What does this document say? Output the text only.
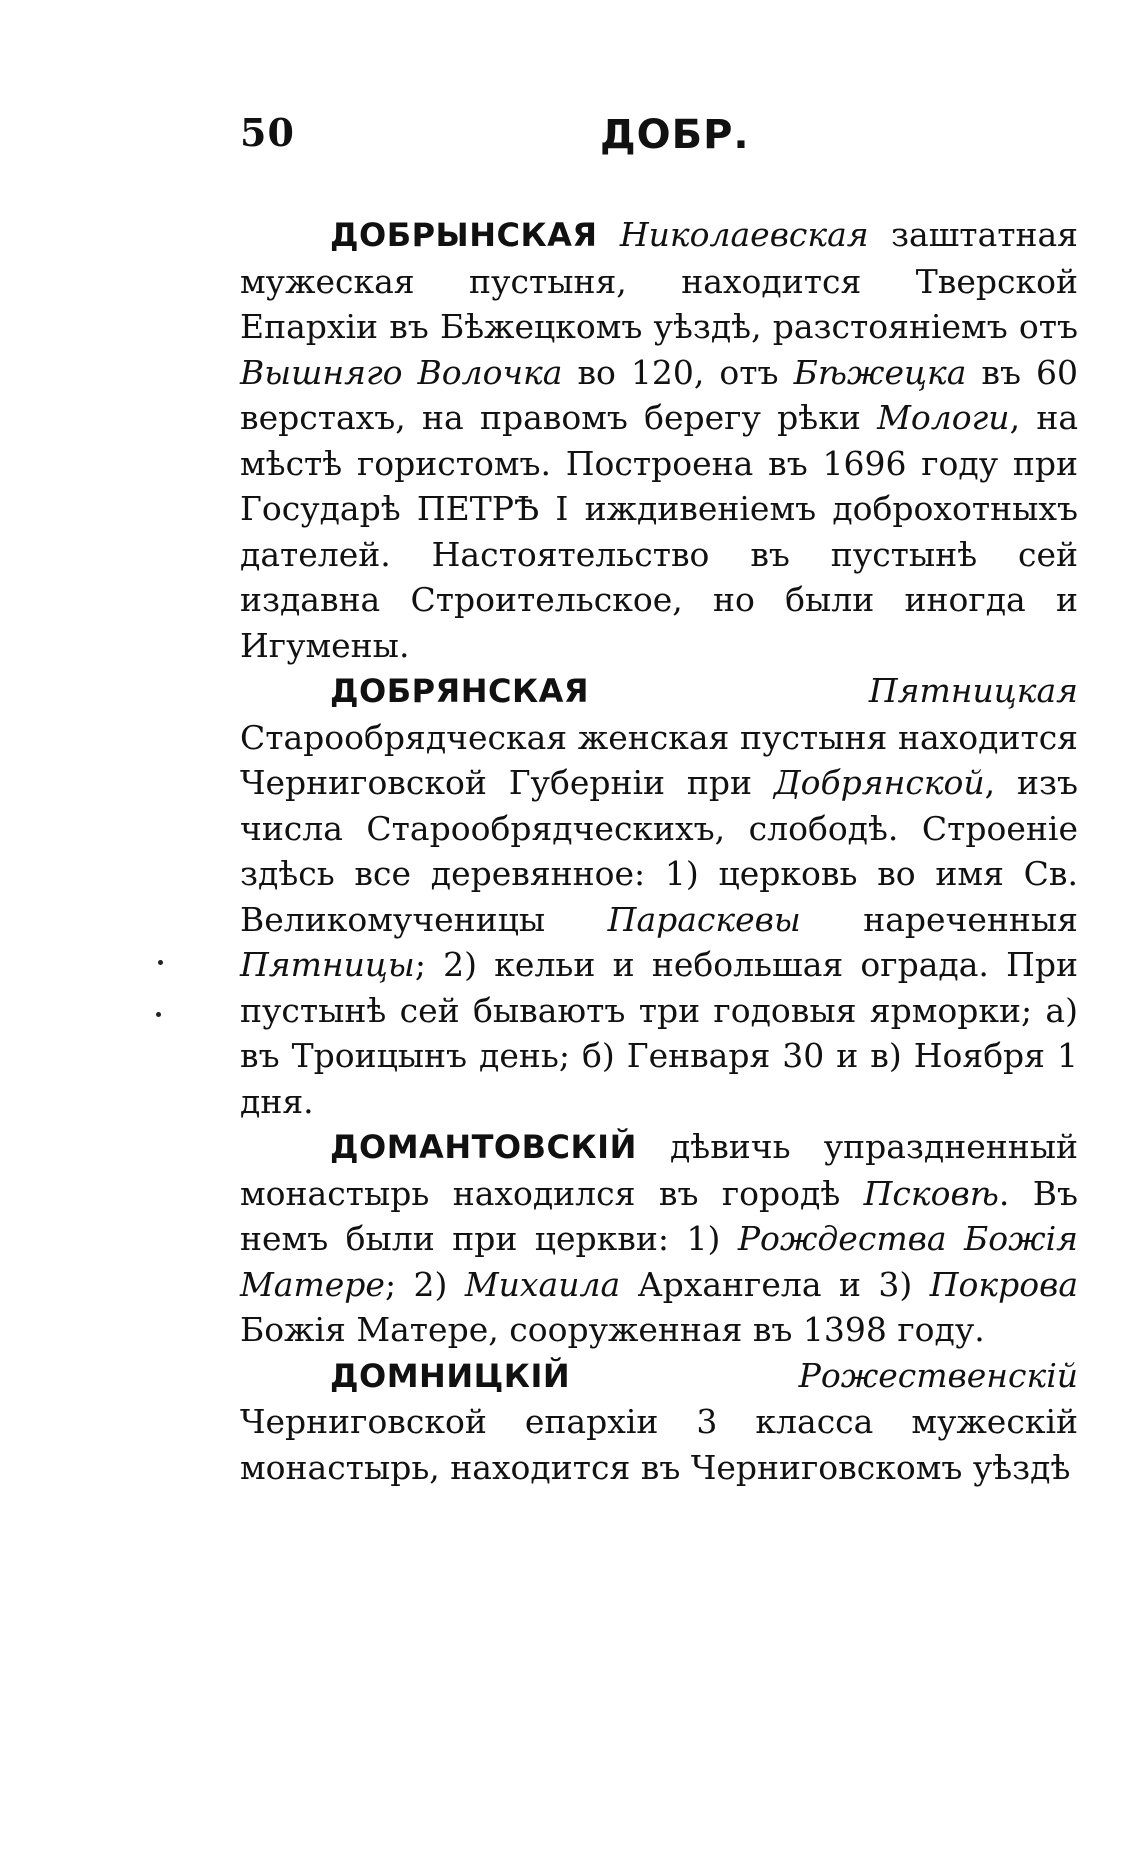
50	ДОБР.

ДОБРЫНСКАЯ Николаевская заштатная мужеская пустыня, находится Тверской Епархіи въ Бѣжецкомъ уѣздѣ, разстояніемъ отъ Вышняго Волочка во 120, отъ Бѣжецка въ 60 верстахъ, на правомъ берегу рѣки Мологи, на мѣстѣ гористомъ. Построена въ 1696 году при Государѣ ПЕТРѢ I иждивеніемъ доброхотныхъ дателей. Настоятельство въ пустынѣ сей издавна Строительское, но были иногда и Игумены.

ДОБРЯНСКАЯ	Пятницкая Старообрядческая женская пустыня находится Черниговской Губерніи при Добрянской, изъ числа Старообрядческихъ, слободѣ. Строеніе здѣсь все деревянное: 1) церковь во имя Св. Великомученицы Параскевы нареченныя Пятницы; 2) кельи и небольшая ограда. При пустынѣ сей бываютъ три годовыя ярморки; а) въ Троицынъ день; б) Генваря 30 и в) Ноября 1 дня.

ДОМАНТОВСКІЙ дѣвичь упраздненный монастырь находился въ городѣ Псковѣ. Въ немъ были при церкви: 1) Рождества Божія Матере; 2) Михаила Архангела и 3) Покрова Божія Матере, сооруженная въ 1398 году.

ДОМНИЦКІЙ	Рожественскій Черниговской епархіи 3 класса мужескій монастырь, находится въ Черниговскомъ уѣздѣ
